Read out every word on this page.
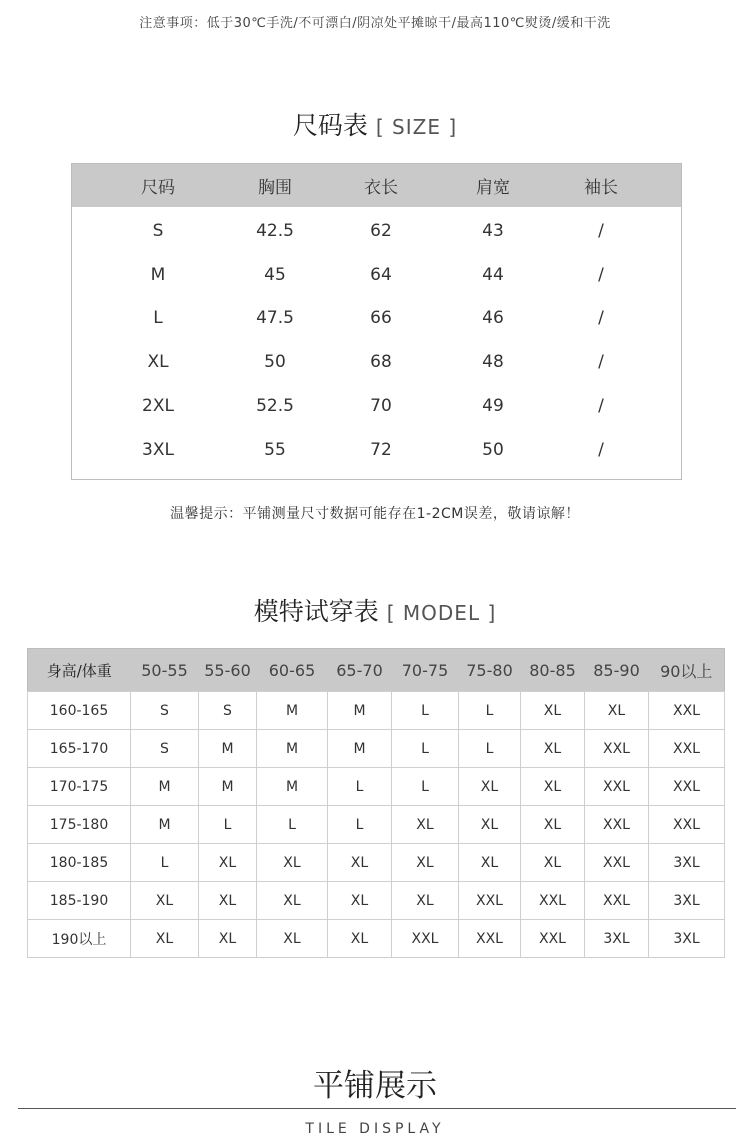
注意事项：低于30℃手洗/不可漂白/阴凉处平摊晾干/最高110℃熨烫/缓和干洗
尺码表 [ SIZE ]
尺码	胸围	衣长	肩宽	袖长
S	42.5	62	43	/
M	45	64	44	/
L	47.5	66	46	/
XL	50	68	48	/
2XL	52.5	70	49	/
3XL	55	72	50	/
温馨提示：平铺测量尺寸数据可能存在1-2CM误差，敬请谅解！
模特试穿表 [ MODEL ]
身高/体重	50-55	55-60	60-65	65-70	70-75	75-80	80-85	85-90	90以上
160-165	S	S	M	M	L	L	XL	XL	XXL
165-170	S	M	M	M	L	L	XL	XXL	XXL
170-175	M	M	M	L	L	XL	XL	XXL	XXL
175-180	M	L	L	L	XL	XL	XL	XXL	XXL
180-185	L	XL	XL	XL	XL	XL	XL	XXL	3XL
185-190	XL	XL	XL	XL	XL	XXL	XXL	XXL	3XL
190以上	XL	XL	XL	XL	XXL	XXL	XXL	3XL	3XL
平铺展示
TILE DISPLAY
